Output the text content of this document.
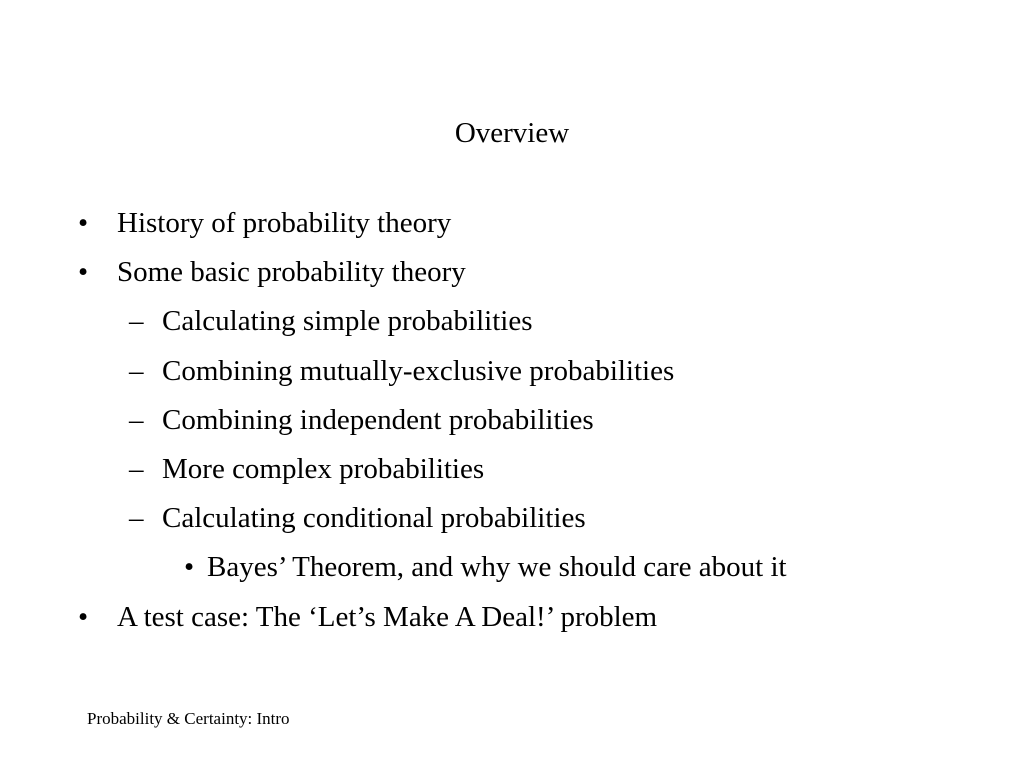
Overview
• History of probability theory
• Some basic probability theory
– Calculating simple probabilities
– Combining mutually-exclusive probabilities
– Combining independent probabilities
– More complex probabilities
– Calculating conditional probabilities
• Bayes’ Theorem, and why we should care about it
• A test case: The ‘Let’s Make A Deal!’ problem
Probability & Certainty: Intro
